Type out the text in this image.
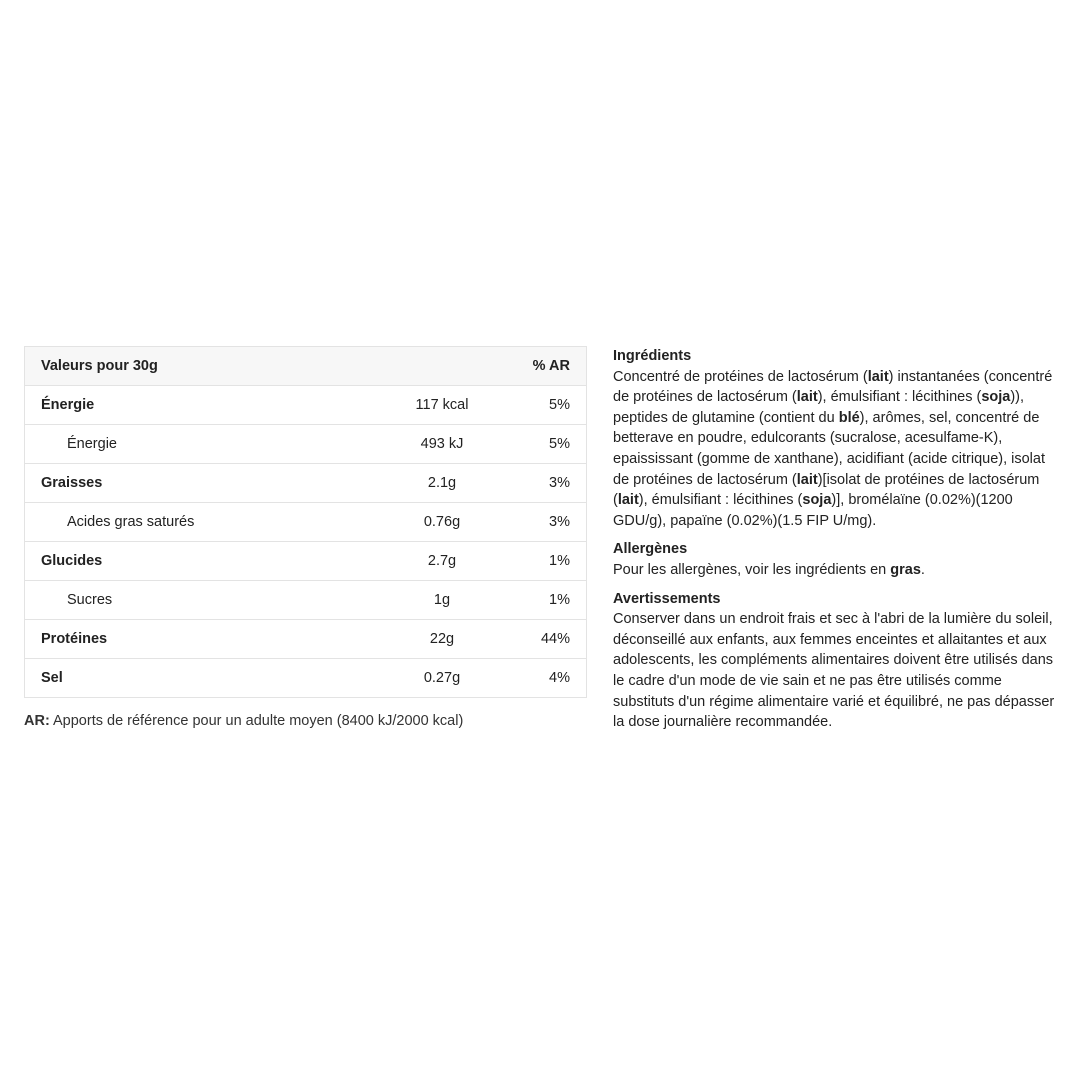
Valeurs pour 30g		% AR
Énergie	117 kcal	5%
Énergie	493 kJ	5%
Graisses	2.1g	3%
Acides gras saturés	0.76g	3%
Glucides	2.7g	1%
Sucres	1g	1%
Protéines	22g	44%
Sel	0.27g	4%
AR: Apports de référence pour un adulte moyen (8400 kJ/2000 kcal)
Ingrédients

Concentré de protéines de lactosérum (lait) instantanées (concentré de protéines de lactosérum (lait), émulsifiant : lécithines (soja)), peptides de glutamine (contient du blé), arômes, sel, concentré de betterave en poudre, edulcorants (sucralose, acesulfame-K), epaississant (gomme de xanthane), acidifiant (acide citrique), isolat de protéines de lactosérum (lait)[isolat de protéines de lactosérum (lait), émulsifiant : lécithines (soja)], bromélaïne (0.02%)(1200 GDU/g), papaïne (0.02%)(1.5 FIP U/mg).

Allergènes

Pour les allergènes, voir les ingrédients en gras.

Avertissements

Conserver dans un endroit frais et sec à l'abri de la lumière du soleil, déconseillé aux enfants, aux femmes enceintes et allaitantes et aux adolescents, les compléments alimentaires doivent être utilisés dans le cadre d'un mode de vie sain et ne pas être utilisés comme substituts d'un régime alimentaire varié et équilibré, ne pas dépasser la dose journalière recommandée.
